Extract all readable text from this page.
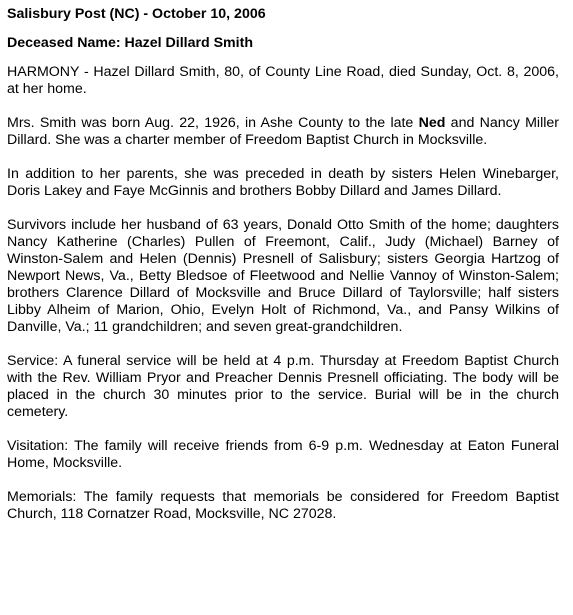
Salisbury Post (NC) - October 10, 2006
Deceased Name: Hazel Dillard Smith

HARMONY - Hazel Dillard Smith, 80, of County Line Road, died Sunday, Oct. 8, 2006, at her home.

Mrs. Smith was born Aug. 22, 1926, in Ashe County to the late Ned and Nancy Miller Dillard. She was a charter member of Freedom Baptist Church in Mocksville.

In addition to her parents, she was preceded in death by sisters Helen Winebarger, Doris Lakey and Faye McGinnis and brothers Bobby Dillard and James Dillard.

Survivors include her husband of 63 years, Donald Otto Smith of the home; daughters Nancy Katherine (Charles) Pullen of Freemont, Calif., Judy (Michael) Barney of Winston-Salem and Helen (Dennis) Presnell of Salisbury; sisters Georgia Hartzog of Newport News, Va., Betty Bledsoe of Fleetwood and Nellie Vannoy of Winston-Salem; brothers Clarence Dillard of Mocksville and Bruce Dillard of Taylorsville; half sisters Libby Alheim of Marion, Ohio, Evelyn Holt of Richmond, Va., and Pansy Wilkins of Danville, Va.; 11 grandchildren; and seven great-grandchildren.

Service: A funeral service will be held at 4 p.m. Thursday at Freedom Baptist Church with the Rev. William Pryor and Preacher Dennis Presnell officiating. The body will be placed in the church 30 minutes prior to the service. Burial will be in the church cemetery.

Visitation: The family will receive friends from 6-9 p.m. Wednesday at Eaton Funeral Home, Mocksville.

Memorials: The family requests that memorials be considered for Freedom Baptist Church, 118 Cornatzer Road, Mocksville, NC 27028.
